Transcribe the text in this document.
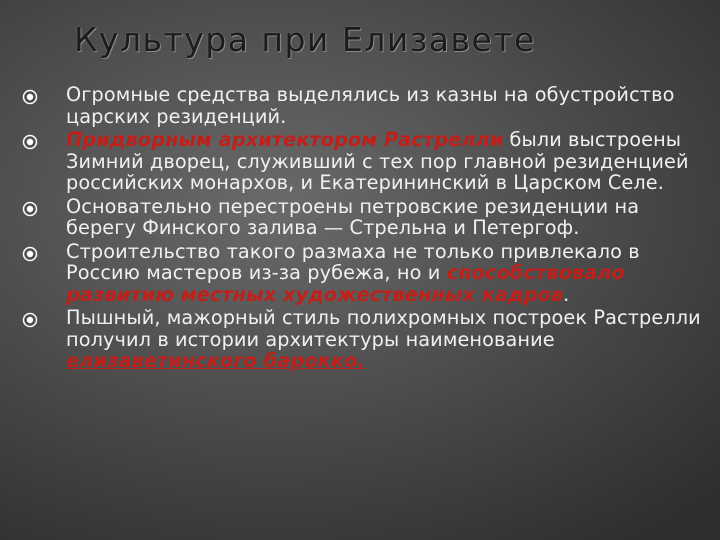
Культура при Елизавете
Огромные средства выделялись из казны на обустройство царских резиденций.
Придворным архитектором Растрелли были выстроены Зимний дворец, служивший с тех пор главной резиденцией российских монархов, и Екатерининский в Царском Селе.
Основательно перестроены петровские резиденции на берегу Финского залива — Стрельна и Петергоф.
Строительство такого размаха не только привлекало в Россию мастеров из-за рубежа, но и способствовало развитию местных художественных кадров.
Пышный, мажорный стиль полихромных построек Растрелли получил в истории архитектуры наименование елизаветинского барокко.
